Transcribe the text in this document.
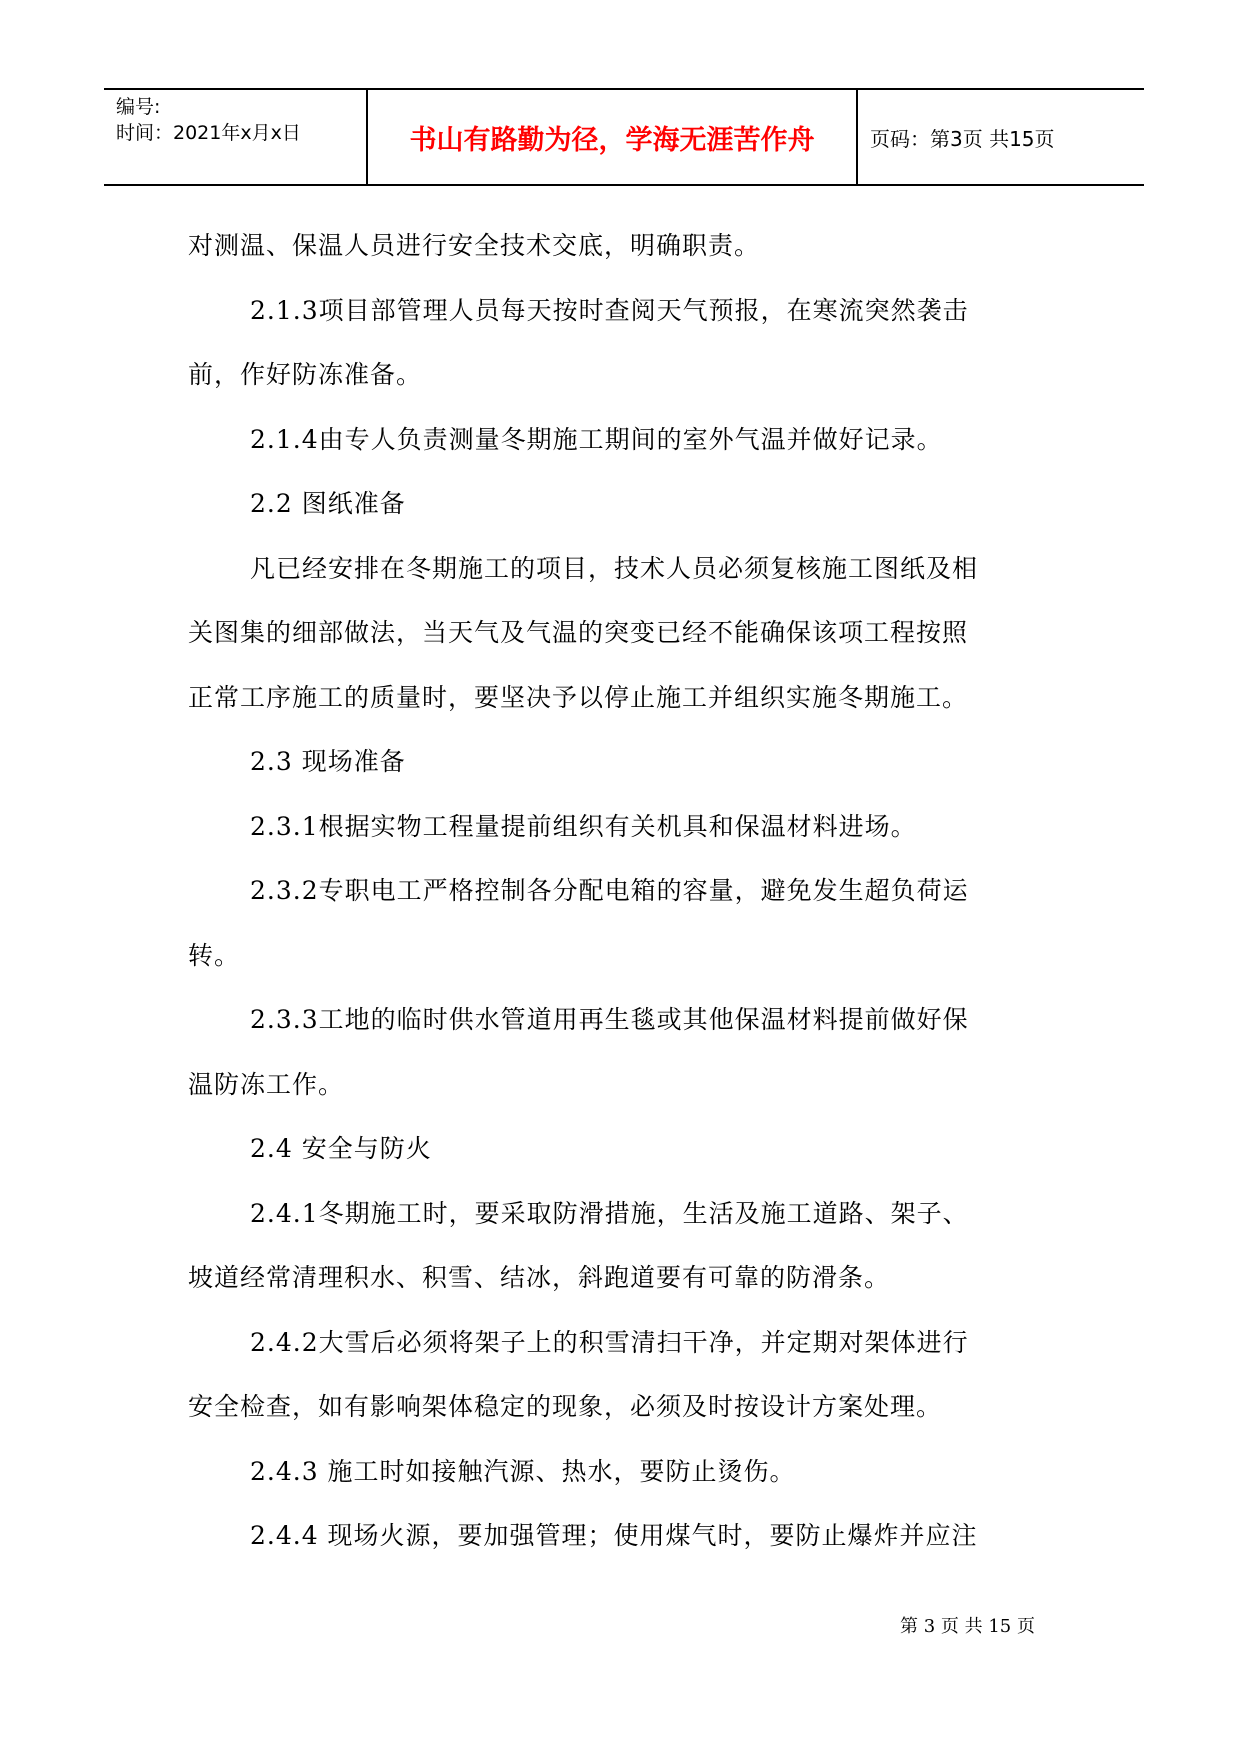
编号:
时间：2021年x月x日	书山有路勤为径，学海无涯苦作舟	页码：第3页 共15页
对测温、保温人员进行安全技术交底，明确职责。
2.1.3项目部管理人员每天按时查阅天气预报，在寒流突然袭击
前，作好防冻准备。
2.1.4由专人负责测量冬期施工期间的室外气温并做好记录。
2.2 图纸准备
凡已经安排在冬期施工的项目，技术人员必须复核施工图纸及相
关图集的细部做法，当天气及气温的突变已经不能确保该项工程按照
正常工序施工的质量时，要坚决予以停止施工并组织实施冬期施工。
2.3 现场准备
2.3.1根据实物工程量提前组织有关机具和保温材料进场。
2.3.2专职电工严格控制各分配电箱的容量，避免发生超负荷运
转。
2.3.3工地的临时供水管道用再生毯或其他保温材料提前做好保
温防冻工作。
2.4 安全与防火
2.4.1冬期施工时，要采取防滑措施，生活及施工道路、架子、
坡道经常清理积水、积雪、结冰，斜跑道要有可靠的防滑条。
2.4.2大雪后必须将架子上的积雪清扫干净，并定期对架体进行
安全检查，如有影响架体稳定的现象，必须及时按设计方案处理。
2.4.3 施工时如接触汽源、热水，要防止烫伤。
2.4.4 现场火源，要加强管理；使用煤气时，要防止爆炸并应注
第 3 页 共 15 页
